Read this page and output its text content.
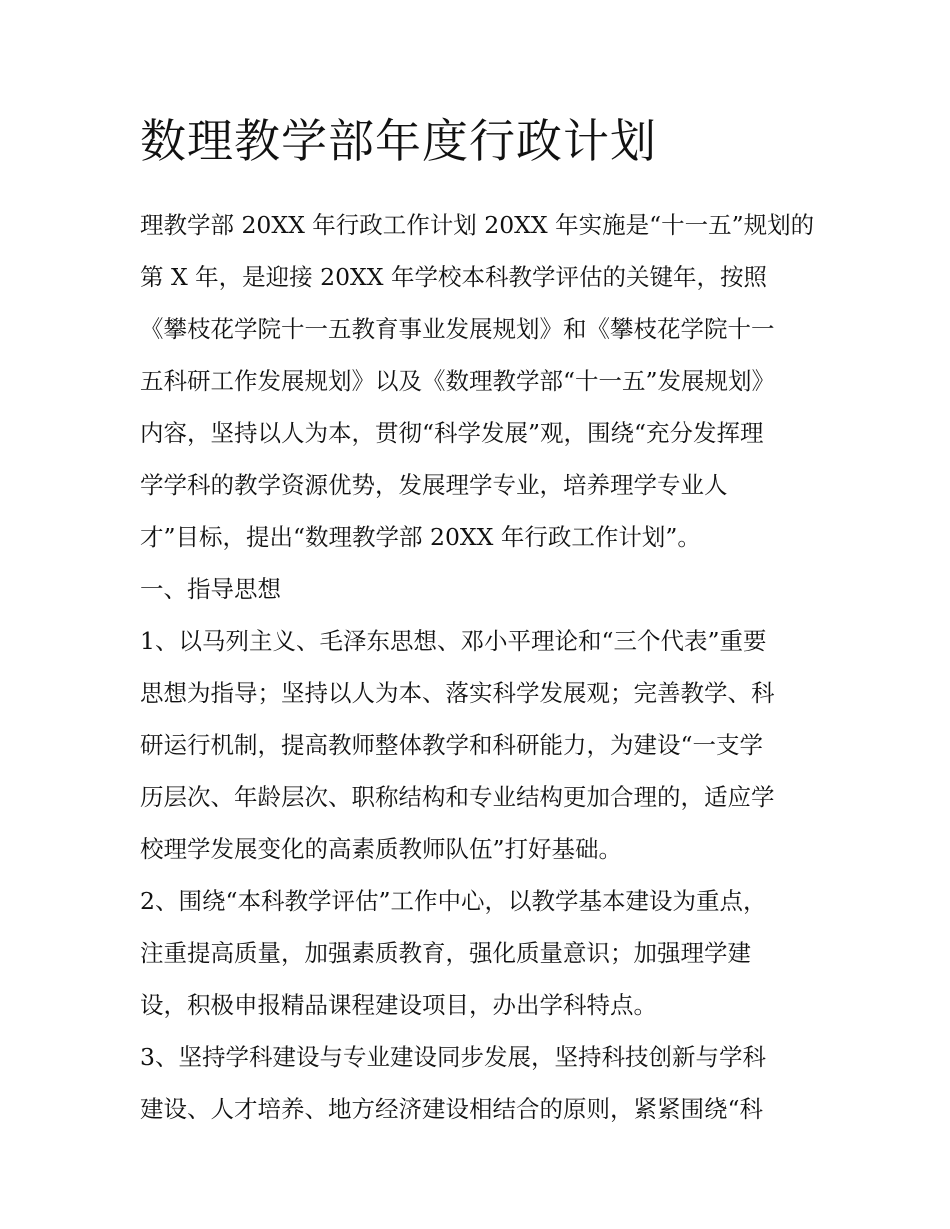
数理教学部年度行政计划
理教学部 20XX 年行政工作计划 20XX 年实施是“十一五”规划的
第 X 年，是迎接 20XX 年学校本科教学评估的关键年，按照
《攀枝花学院十一五教育事业发展规划》和《攀枝花学院十一
五科研工作发展规划》以及《数理教学部“十一五”发展规划》
内容，坚持以人为本，贯彻“科学发展”观，围绕“充分发挥理
学学科的教学资源优势，发展理学专业，培养理学专业人
才”目标，提出“数理教学部 20XX 年行政工作计划”。
一、指导思想
1、以马列主义、毛泽东思想、邓小平理论和“三个代表”重要
思想为指导；坚持以人为本、落实科学发展观；完善教学、科
研运行机制，提高教师整体教学和科研能力，为建设“一支学
历层次、年龄层次、职称结构和专业结构更加合理的，适应学
校理学发展变化的高素质教师队伍”打好基础。
2、围绕“本科教学评估”工作中心，以教学基本建设为重点，
注重提高质量，加强素质教育，强化质量意识；加强理学建
设，积极申报精品课程建设项目，办出学科特点。
3、坚持学科建设与专业建设同步发展，坚持科技创新与学科
建设、人才培养、地方经济建设相结合的原则，紧紧围绕“科
